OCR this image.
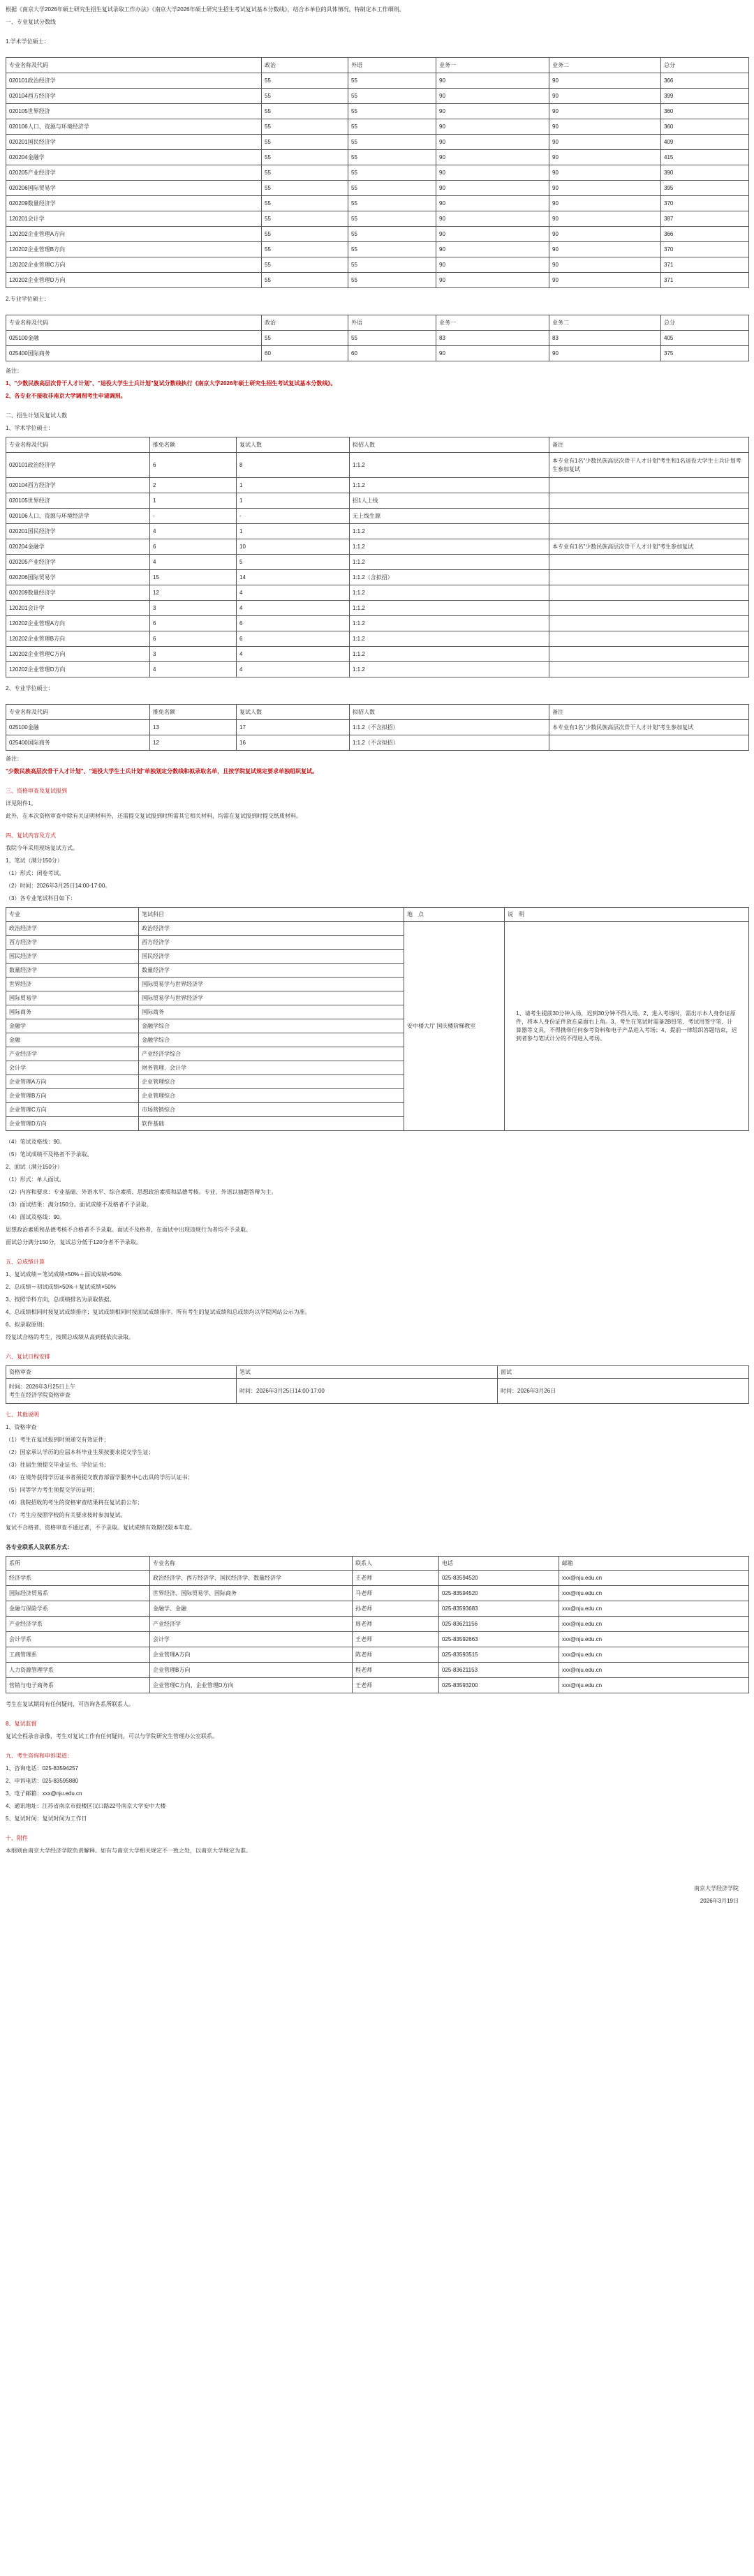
根据《南京大学2026年硕士研究生招生复试录取工作办法》《南京大学2026年硕士研究生招生考试复试基本分数线》，结合本单位的具体情况，特制定本工作细则。

一、专业复试分数线

1.学术学位硕士：

专业名称及代码	政治	外语	业务一	业务二	总分
020101政治经济学	55	55	90	90	366
020104西方经济学	55	55	90	90	399
020105世界经济	55	55	90	90	360
020106人口、资源与环境经济学	55	55	90	90	360
020201国民经济学	55	55	90	90	409
020204金融学	55	55	90	90	415
020205产业经济学	55	55	90	90	390
020206国际贸易学	55	55	90	90	395
020209数量经济学	55	55	90	90	370
120201会计学	55	55	90	90	387
120202企业管理A方向	55	55	90	90	366
120202企业管理B方向	55	55	90	90	370
120202企业管理C方向	55	55	90	90	371
120202企业管理D方向	55	55	90	90	371

2.专业学位硕士：

专业名称及代码	政治	外语	业务一	业务二	总分
025100金融	55	55	83	83	405
025400国际商务	60	60	90	90	375

备注：

1、"少数民族高层次骨干人才计划"、"退役大学生士兵计划"复试分数线执行《南京大学2026年硕士研究生招生考试复试基本分数线》。

2、各专业不接收非南京大学调剂考生申请调剂。

二、招生计划及复试人数

1、学术学位硕士：

专业名称及代码	推免名额	复试人数	拟招人数	备注
020101政治经济学	6	8	1:1.2	本专业有1名"少数民族高层次骨干人才计划"考生和1名退役大学生士兵计划考生参加复试
020104西方经济学	2	1	1:1.2	
020105世界经济	1	1	招1人上线	
020106人口、资源与环境经济学	-	-	无上线生源	
020201国民经济学	4	1	1:1.2	
020204金融学	6	10	1:1.2	本专业有1名"少数民族高层次骨干人才计划"考生参加复试
020205产业经济学	4	5	1:1.2	
020206国际贸易学	15	14	1:1.2（含拟招）	
020209数量经济学	12	4	1:1.2	
120201会计学	3	4	1:1.2	
120202企业管理A方向	6	6	1:1.2	
120202企业管理B方向	6	6	1:1.2	
120202企业管理C方向	3	4	1:1.2	
120202企业管理D方向	4	4	1:1.2	

2、专业学位硕士：

专业名称及代码	推免名额	复试人数	拟招人数	备注
025100金融	13	17	1:1.2（不含拟招）	本专业有1名"少数民族高层次骨干人才计划"考生参加复试
025400国际商务	12	16	1:1.2（不含拟招）	

备注：

"少数民族高层次骨干人才计划"、"退役大学生士兵计划"单独划定分数线和拟录取名单，且按学院复试规定要求单独组织复试。

三、资格审查及复试报到

详见附件1。

此外，在本次资格审查中除有关证明材料外，还需提交复试报到时所需其它相关材料，均需在复试报到时提交纸质材料。

四、复试内容及方式

我院今年采用现场复试方式。

1、笔试（满分150分）

（1）形式：闭卷考试。

（2）时间：2026年3月25日14:00-17:00。

（3）各专业笔试科目如下：

专业	笔试科目	地　点	说　明
政治经济学	政治经济学	安中楼大厅 国庆楼阶梯教室	1、请考生提前30分钟入场，迟到30分钟不得入场。2、进入考场时，需出示本人身份证原件，将本人身份证件放在桌面右上角。3、考生在笔试时需备2B铅笔、考试用签字笔、计算器等文具，不得携带任何参考资料和电子产品进入考场；4、提前一律组织答题结束，迟到者参与笔试计分的不得进入考场。
西方经济学	西方经济学		
国民经济学	国民经济学		
数量经济学	数量经济学		
世界经济	国际贸易学与世界经济学		
国际贸易学	国际贸易学与世界经济学		
国际商务	国际商务		
金融学	金融学综合		
金融	金融学综合		
产业经济学	产业经济学综合		
会计学	财务管理、会计学		
企业管理A方向	企业管理综合		
企业管理B方向	企业管理综合		
企业管理C方向	市场营销综合		
企业管理D方向	软件基础		

（4）笔试及格线：90。

（5）笔试成绩不及格者不予录取。

2、面试（满分150分）

（1）形式：单人面试。

（2）内容和要求：专业基础、外语水平、综合素质、思想政治素质和品德考核。专业、外语以抽题答辩为主。

（3）面试结果：满分150分。面试成绩不及格者不予录取。

（4）面试及格线：90。

思想政治素质和品德考核不合格者不予录取。面试不及格者，在面试中出现违规行为者均不予录取。

面试总分满分150分，复试总分低于120分者不予录取。

五、总成绩计算

1、复试成绩＝笔试成绩×50%＋面试成绩×50%

2、总成绩＝初试成绩×50%＋复试成绩×50%

3、按照学科方向，总成绩排名为录取依据。

4、总成绩相同时按复试成绩排序；复试成绩相同时按面试成绩排序。所有考生的复试成绩和总成绩均以学院网站公示为准。

6、拟录取原则：

经复试合格的考生，按照总成绩从高到低依次录取。

六、复试日程安排

资格审查	笔试	面试

时间：2026年3月25日上午
考生在经济学院资格审查	时间：2026年3月25日14:00-17:00	时间：2026年3月26日

七、其他说明

1、资格审查

（1）考生在复试报到时须递交有效证件；

（2）国家承认学历的应届本科毕业生须按要求提交学生证；

（3）往届生须提交毕业证书、学位证书；

（4）在境外获得学历证书者须提交教育部留学服务中心出具的学历认证书；

（5）同等学力考生须提交学历证明；

（6）我院招收的考生的资格审查结果将在复试前公布；

（7）考生应按照学校的有关要求按时参加复试。

复试不合格者、资格审查不通过者，不予录取。复试成绩有效期仅限本年度。

各专业联系人及联系方式：

系所	专业名称	联系人	电话	邮箱
经济学系	政治经济学、西方经济学、国民经济学、数量经济学	王老师	025-83594520	xxx@nju.edu.cn
国际经济贸易系	世界经济、国际贸易学、国际商务	马老师	025-83594520	xxx@nju.edu.cn
金融与保险学系	金融学、金融	孙老师	025-83593683	xxx@nju.edu.cn
产业经济学系	产业经济学	周老师	025-83621156	xxx@nju.edu.cn
会计学系	会计学	王老师	025-83592663	xxx@nju.edu.cn
工商管理系	企业管理A方向	陈老师	025-83593515	xxx@nju.edu.cn
人力资源管理学系	企业管理B方向	程老师	025-83621153	xxx@nju.edu.cn
营销与电子商务系	企业管理C方向、企业管理D方向	王老师	025-83593200	xxx@nju.edu.cn

考生在复试期间有任何疑问，可咨询各系所联系人。

8、复试监督

复试全程录音录像，考生对复试工作有任何疑问，可以与学院研究生管理办公室联系。

九、考生咨询和申诉渠道：

1、咨询电话：025-83594257

2、申诉电话：025-83595880

3、电子邮箱：xxx@nju.edu.cn

4、通讯地址：江苏省南京市鼓楼区汉口路22号南京大学安中大楼

5、复试时间：复试时间为工作日

十、附件

本细则由南京大学经济学院负责解释。如有与南京大学相关规定不一致之处，以南京大学规定为准。

南京大学经济学院

2026年3月19日
